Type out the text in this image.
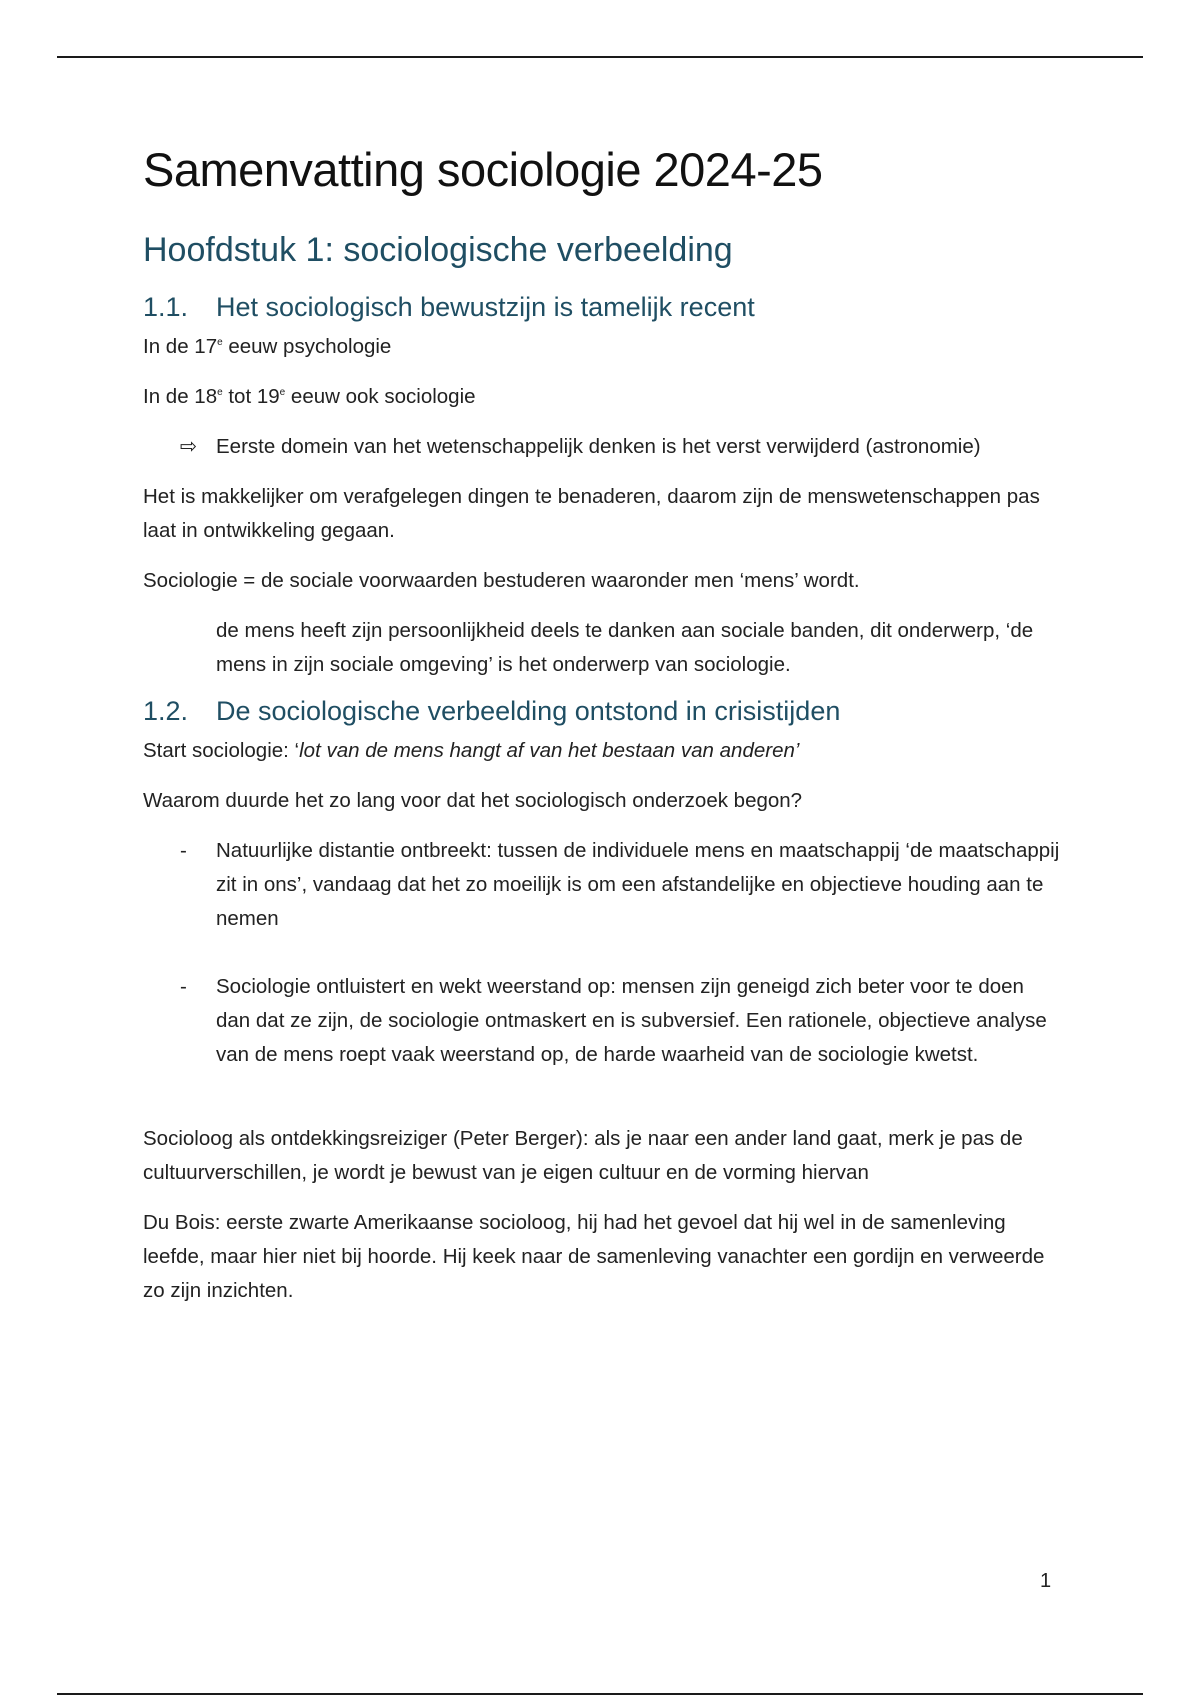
Samenvatting sociologie 2024-25
Hoofdstuk 1: sociologische verbeelding
1.1.	Het sociologisch bewustzijn is tamelijk recent

In de 17e eeuw psychologie

In de 18e tot 19e eeuw ook sociologie

⇨ Eerste domein van het wetenschappelijk denken is het verst verwijderd (astronomie)

Het is makkelijker om verafgelegen dingen te benaderen, daarom zijn de menswetenschappen pas laat in ontwikkeling gegaan.

Sociologie = de sociale voorwaarden bestuderen waaronder men ‘mens’ wordt.

de mens heeft zijn persoonlijkheid deels te danken aan sociale banden, dit onderwerp, ‘de mens in zijn sociale omgeving’ is het onderwerp van sociologie.

1.2.	De sociologische verbeelding ontstond in crisistijden

Start sociologie: ‘lot van de mens hangt af van het bestaan van anderen’

Waarom duurde het zo lang voor dat het sociologisch onderzoek begon?

-	Natuurlijke distantie ontbreekt: tussen de individuele mens en maatschappij ‘de maatschappij zit in ons’, vandaag dat het zo moeilijk is om een afstandelijke en objectieve houding aan te nemen
-	Sociologie ontluistert en wekt weerstand op: mensen zijn geneigd zich beter voor te doen dan dat ze zijn, de sociologie ontmaskert en is subversief. Een rationele, objectieve analyse van de mens roept vaak weerstand op, de harde waarheid van de sociologie kwetst.

Socioloog als ontdekkingsreiziger (Peter Berger): als je naar een ander land gaat, merk je pas de cultuurverschillen, je wordt je bewust van je eigen cultuur en de vorming hiervan

Du Bois: eerste zwarte Amerikaanse socioloog, hij had het gevoel dat hij wel in de samenleving leefde, maar hier niet bij hoorde. Hij keek naar de samenleving vanachter een gordijn en verweerde zo zijn inzichten.

1
